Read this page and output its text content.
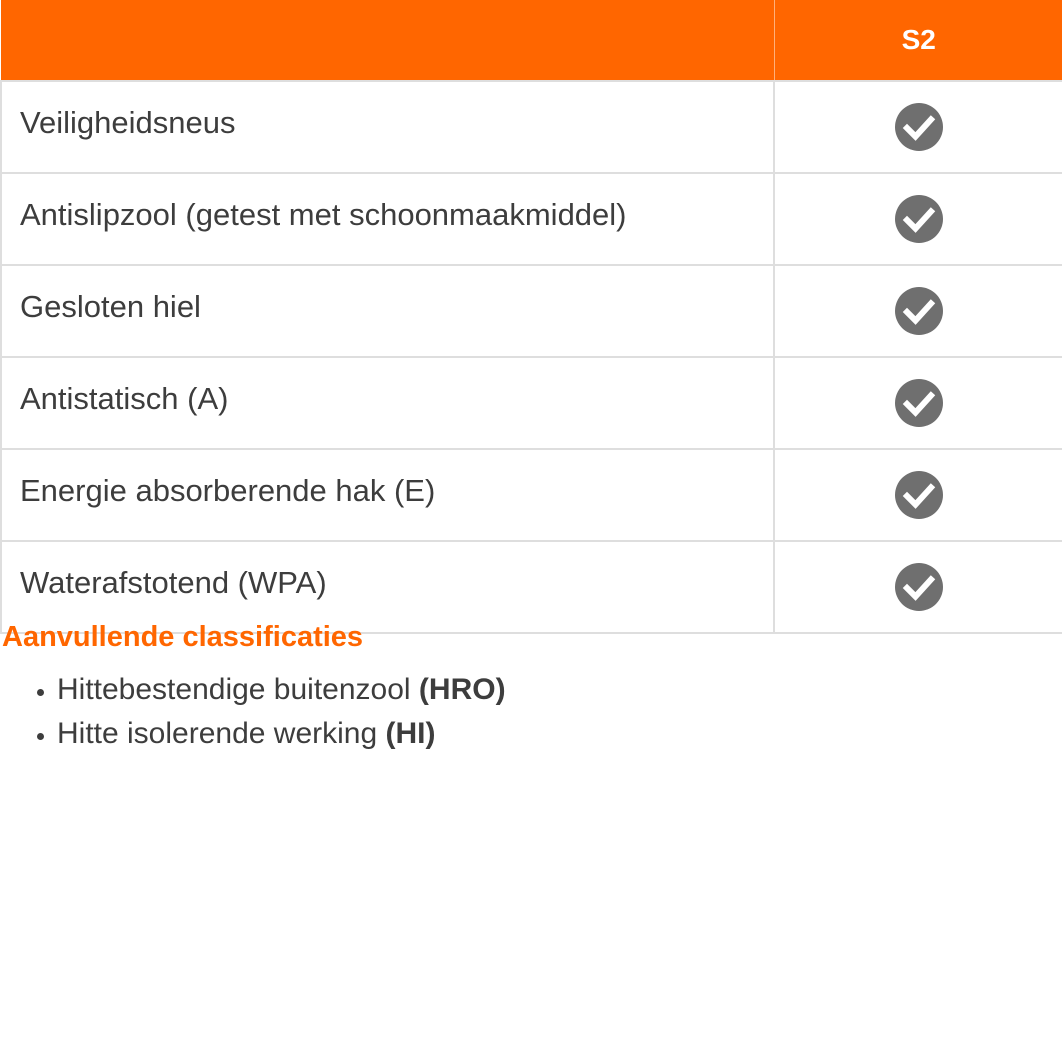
	S2
Veiligheidsneus	
Antislipzool (getest met schoonmaakmiddel)	
Gesloten hiel	
Antistatisch (A)	
Energie absorberende hak (E)	
Waterafstotend (WPA)	
Aanvullende classificaties
• Hittebestendige buitenzool (HRO)
• Hitte isolerende werking (HI)
